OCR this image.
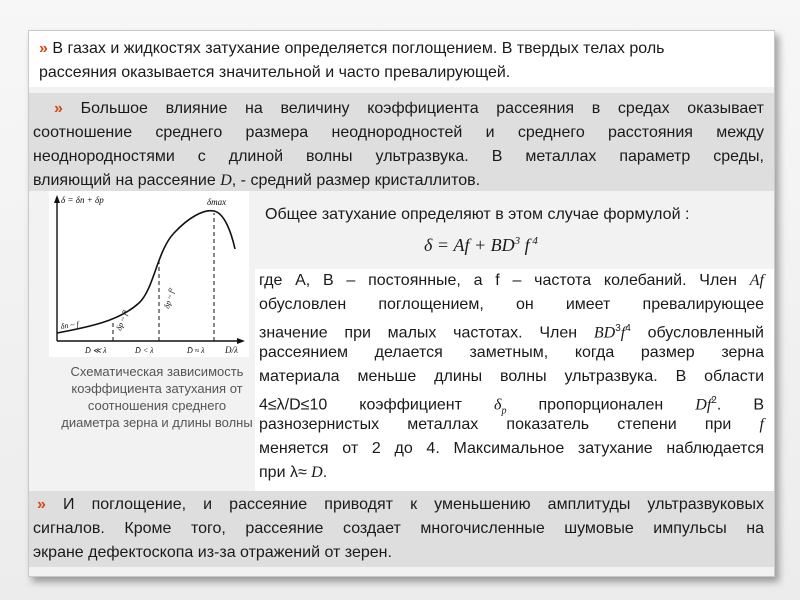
» В газах и жидкостях затухание определяется поглощением. В твердых телах роль

рассеяния оказывается значительной и часто превалирующей.

» Большое влияние на величину коэффициента рассеяния в средах оказывает

соотношение среднего размера неоднородностей и среднего расстояния между

неоднородностями с длиной волны ультразвука. В металлах параметр среды,

влияющий на рассеяние D, - средний размер кристаллитов.

δ = δп + δр	δmax
D/λ
D̄ ≪ λ	D̄ < λ	D̄ ≈ λ
δп ~ f	δр ~ f⁴
δр ~ f²
Схематическая зависимость коэффициента затухания от соотношения среднего диаметра зерна и длины волны

Общее затухание определяют в этом случае формулой :

$\delta = Af + BD^3$ f $^4$

где А, В – постоянные, а f – частота колебаний. Член Af

обусловлен поглощением, он имеет превалирующее

значение при малых частотах. Член $BD^3f^4$ обусловленный

рассеянием делается заметным, когда размер зерна

материала меньше длины волны ультразвука. В области

4≤λ/D≤10 коэффициент $\delta_p$ пропорционален Df$^2$. В

разнозернистых металлах показатель степени при f

меняется от 2 до 4. Максимальное затухание наблюдается

при λ≈ D.

» И поглощение, и рассеяние приводят к уменьшению амплитуды ультразвуковых

сигналов. Кроме того, рассеяние создает многочисленные шумовые импульсы на

экране дефектоскопа из-за отражений от зерен.
